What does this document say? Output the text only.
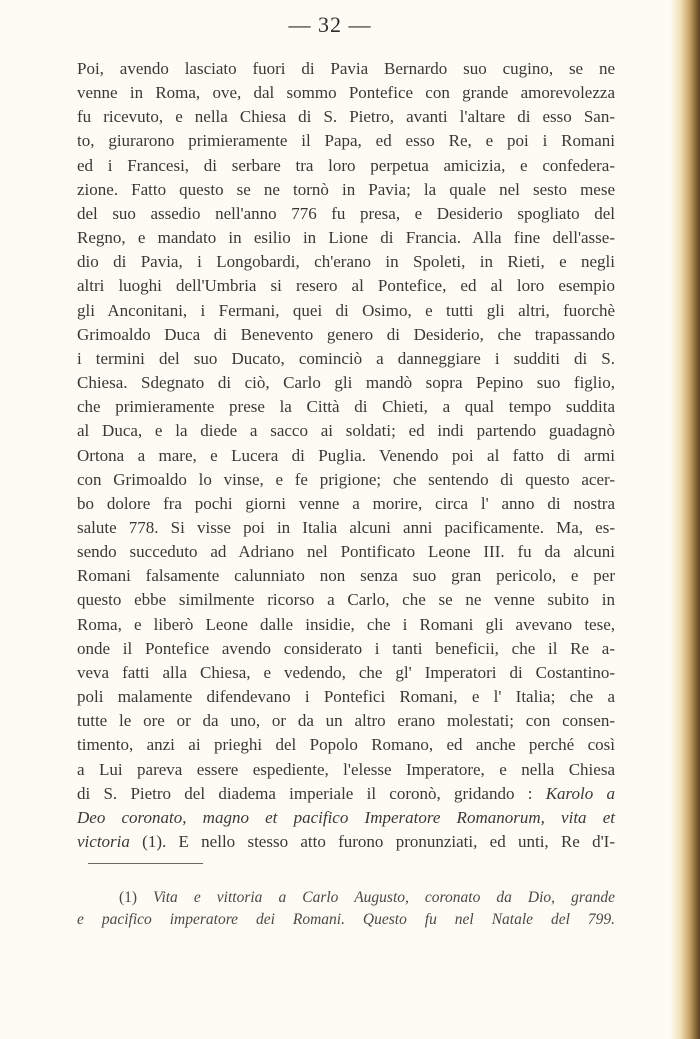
— 32 —
Poi, avendo lasciato fuori di Pavia Bernardo suo cugino, se ne
venne in Roma, ove, dal sommo Pontefice con grande amorevolezza
fu ricevuto, e nella Chiesa di S. Pietro, avanti l'altare di esso San-
to, giurarono primieramente il Papa, ed esso Re, e poi i Romani
ed i Francesi, di serbare tra loro perpetua amicizia, e confedera-
zione. Fatto questo se ne tornò in Pavia; la quale nel sesto mese
del suo assedio nell'anno 776 fu presa, e Desiderio spogliato del
Regno, e mandato in esilio in Lione di Francia. Alla fine dell'asse-
dio di Pavia, i Longobardi, ch'erano in Spoleti, in Rieti, e negli
altri luoghi dell'Umbria si resero al Pontefice, ed al loro esempio
gli Anconitani, i Fermani, quei di Osimo, e tutti gli altri, fuorchè
Grimoaldo Duca di Benevento genero di Desiderio, che trapassando
i termini del suo Ducato, cominciò a danneggiare i sudditi di S.
Chiesa. Sdegnato di ciò, Carlo gli mandò sopra Pepino suo figlio,
che primieramente prese la Città di Chieti, a qual tempo suddita
al Duca, e la diede a sacco ai soldati; ed indi partendo guadagnò
Ortona a mare, e Lucera di Puglia. Venendo poi al fatto di armi
con Grimoaldo lo vinse, e fe prigione; che sentendo di questo acer-
bo dolore fra pochi giorni venne a morire, circa l' anno di nostra
salute 778. Si visse poi in Italia alcuni anni pacificamente. Ma, es-
sendo succeduto ad Adriano nel Pontificato Leone III. fu da alcuni
Romani falsamente calunniato non senza suo gran pericolo, e per
questo ebbe similmente ricorso a Carlo, che se ne venne subito in
Roma, e liberò Leone dalle insidie, che i Romani gli avevano tese,
onde il Pontefice avendo considerato i tanti beneficii, che il Re a-
veva fatti alla Chiesa, e vedendo, che gl' Imperatori di Costantino-
poli malamente difendevano i Pontefici Romani, e l' Italia; che a
tutte le ore or da uno, or da un altro erano molestati; con consen-
timento, anzi ai prieghi del Popolo Romano, ed anche perché così
a Lui pareva essere espediente, l'elesse Imperatore, e nella Chiesa
di S. Pietro del diadema imperiale il coronò, gridando : Karolo a
Deo coronato, magno et pacifico Imperatore Romanorum, vita et
victoria (1). E nello stesso atto furono pronunziati, ed unti, Re d'I-
(1) Vita e vittoria a Carlo Augusto, coronato da Dio, grande
e pacifico imperatore dei Romani. Questo fu nel Natale del 799.
